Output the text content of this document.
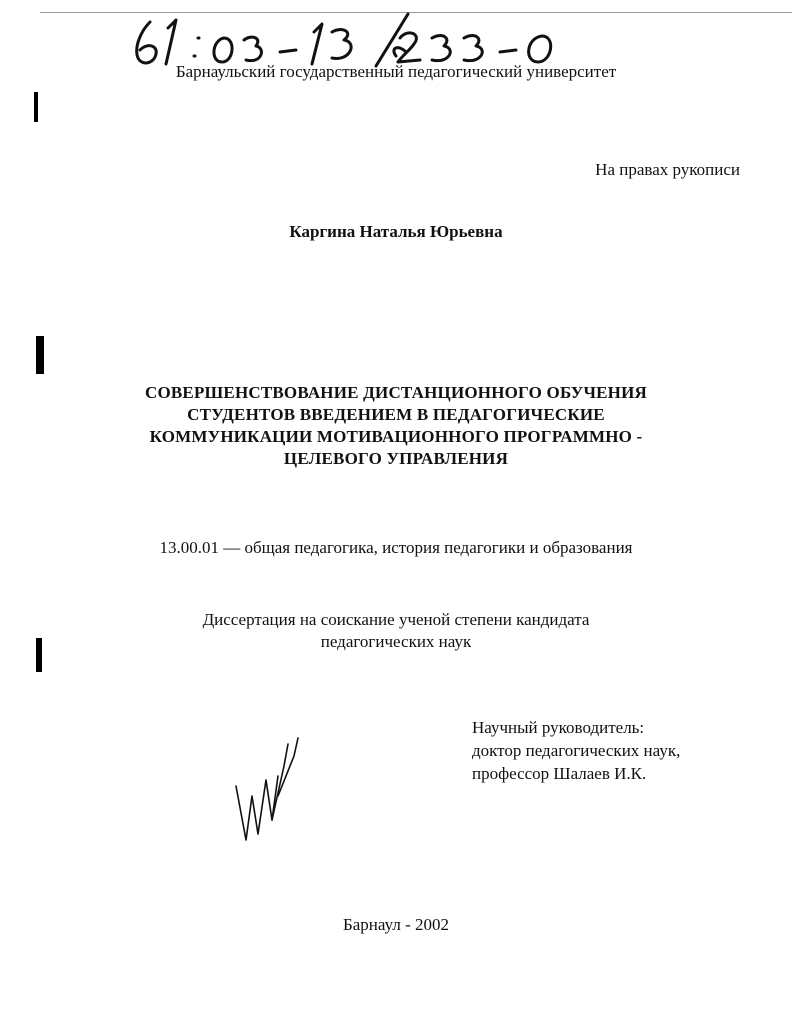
Барнаульский государственный педагогический университет
На правах рукописи
Каргина Наталья Юрьевна
СОВЕРШЕНСТВОВАНИЕ ДИСТАНЦИОННОГО ОБУЧЕНИЯ
СТУДЕНТОВ ВВЕДЕНИЕМ В ПЕДАГОГИЧЕСКИЕ
КОММУНИКАЦИИ МОТИВАЦИОННОГО ПРОГРАММНО -
ЦЕЛЕВОГО УПРАВЛЕНИЯ
13.00.01 — общая педагогика, история педагогики и образования
Диссертация на соискание ученой степени кандидата
педагогических наук
Научный руководитель:
доктор педагогических наук,
профессор Шалаев И.К.
Барнаул - 2002
